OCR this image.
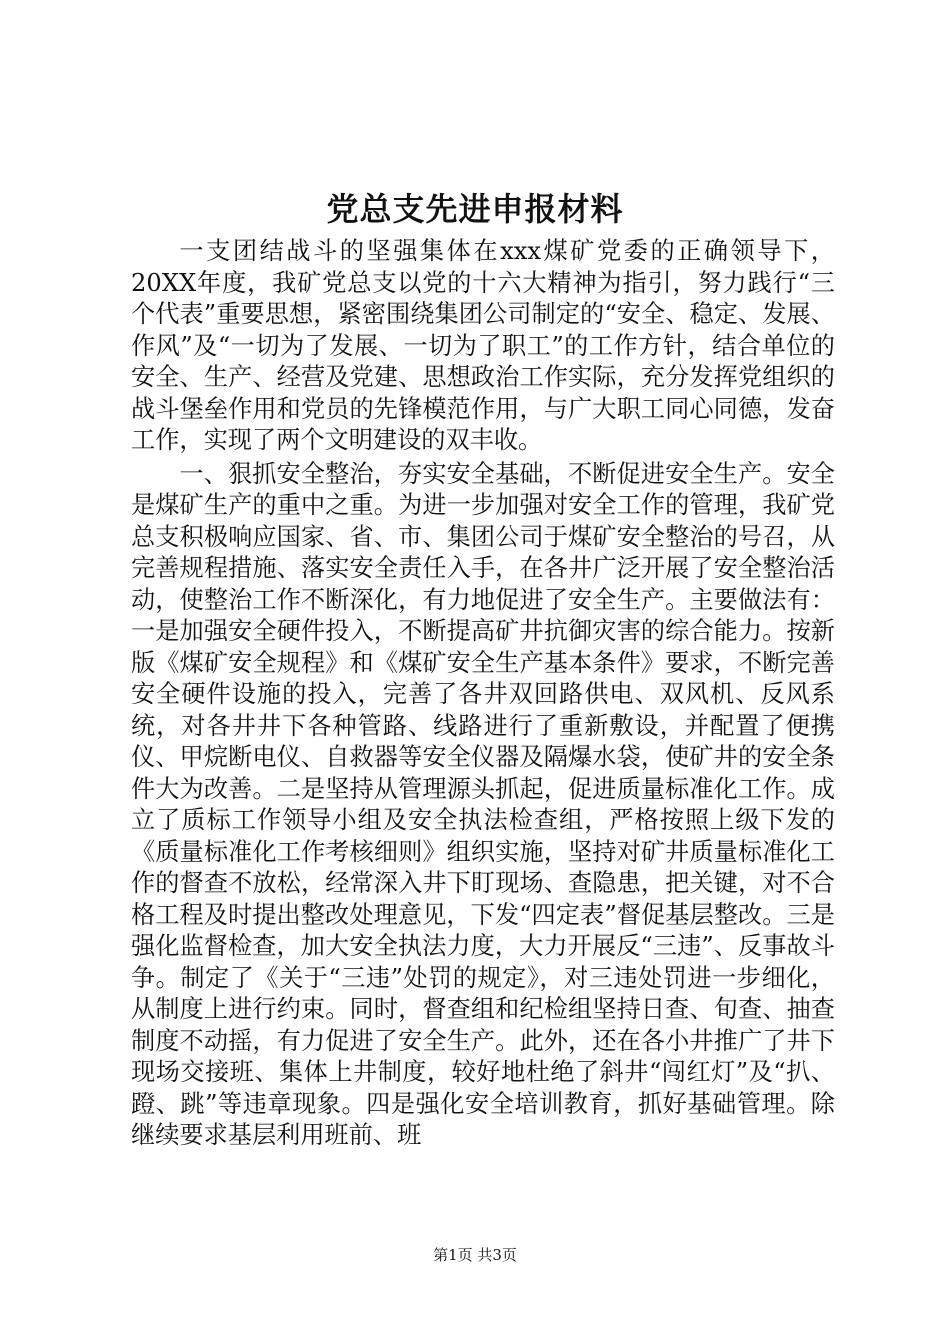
党总支先进申报材料

一支团结战斗的坚强集体在xxx煤矿党委的正确领导下，20XX年度，我矿党总支以党的十六大精神为指引，努力践行“三个代表”重要思想，紧密围绕集团公司制定的“安全、稳定、发展、作风”及“一切为了发展、一切为了职工”的工作方针，结合单位的安全、生产、经营及党建、思想政治工作实际，充分发挥党组织的战斗堡垒作用和党员的先锋模范作用，与广大职工同心同德，发奋工作，实现了两个文明建设的双丰收。

一、狠抓安全整治，夯实安全基础，不断促进安全生产。安全是煤矿生产的重中之重。为进一步加强对安全工作的管理，我矿党总支积极响应国家、省、市、集团公司于煤矿安全整治的号召，从完善规程措施、落实安全责任入手，在各井广泛开展了安全整治活动，使整治工作不断深化，有力地促进了安全生产。主要做法有：一是加强安全硬件投入，不断提高矿井抗御灾害的综合能力。按新版《煤矿安全规程》和《煤矿安全生产基本条件》要求，不断完善安全硬件设施的投入，完善了各井双回路供电、双风机、反风系统，对各井井下各种管路、线路进行了重新敷设，并配置了便携仪、甲烷断电仪、自救器等安全仪器及隔爆水袋，使矿井的安全条件大为改善。二是坚持从管理源头抓起，促进质量标准化工作。成立了质标工作领导小组及安全执法检查组，严格按照上级下发的《质量标准化工作考核细则》组织实施，坚持对矿井质量标准化工作的督查不放松，经常深入井下盯现场、查隐患，把关键，对不合格工程及时提出整改处理意见，下发“四定表”督促基层整改。三是强化监督检查，加大安全执法力度，大力开展反“三违”、反事故斗争。制定了《关于“三违”处罚的规定》，对三违处罚进一步细化，从制度上进行约束。同时，督查组和纪检组坚持日查、旬查、抽查制度不动摇，有力促进了安全生产。此外，还在各小井推广了井下现场交接班、集体上井制度，较好地杜绝了斜井“闯红灯”及“扒、蹬、跳”等违章现象。四是强化安全培训教育，抓好基础管理。除继续要求基层利用班前、班

第1页 共3页
